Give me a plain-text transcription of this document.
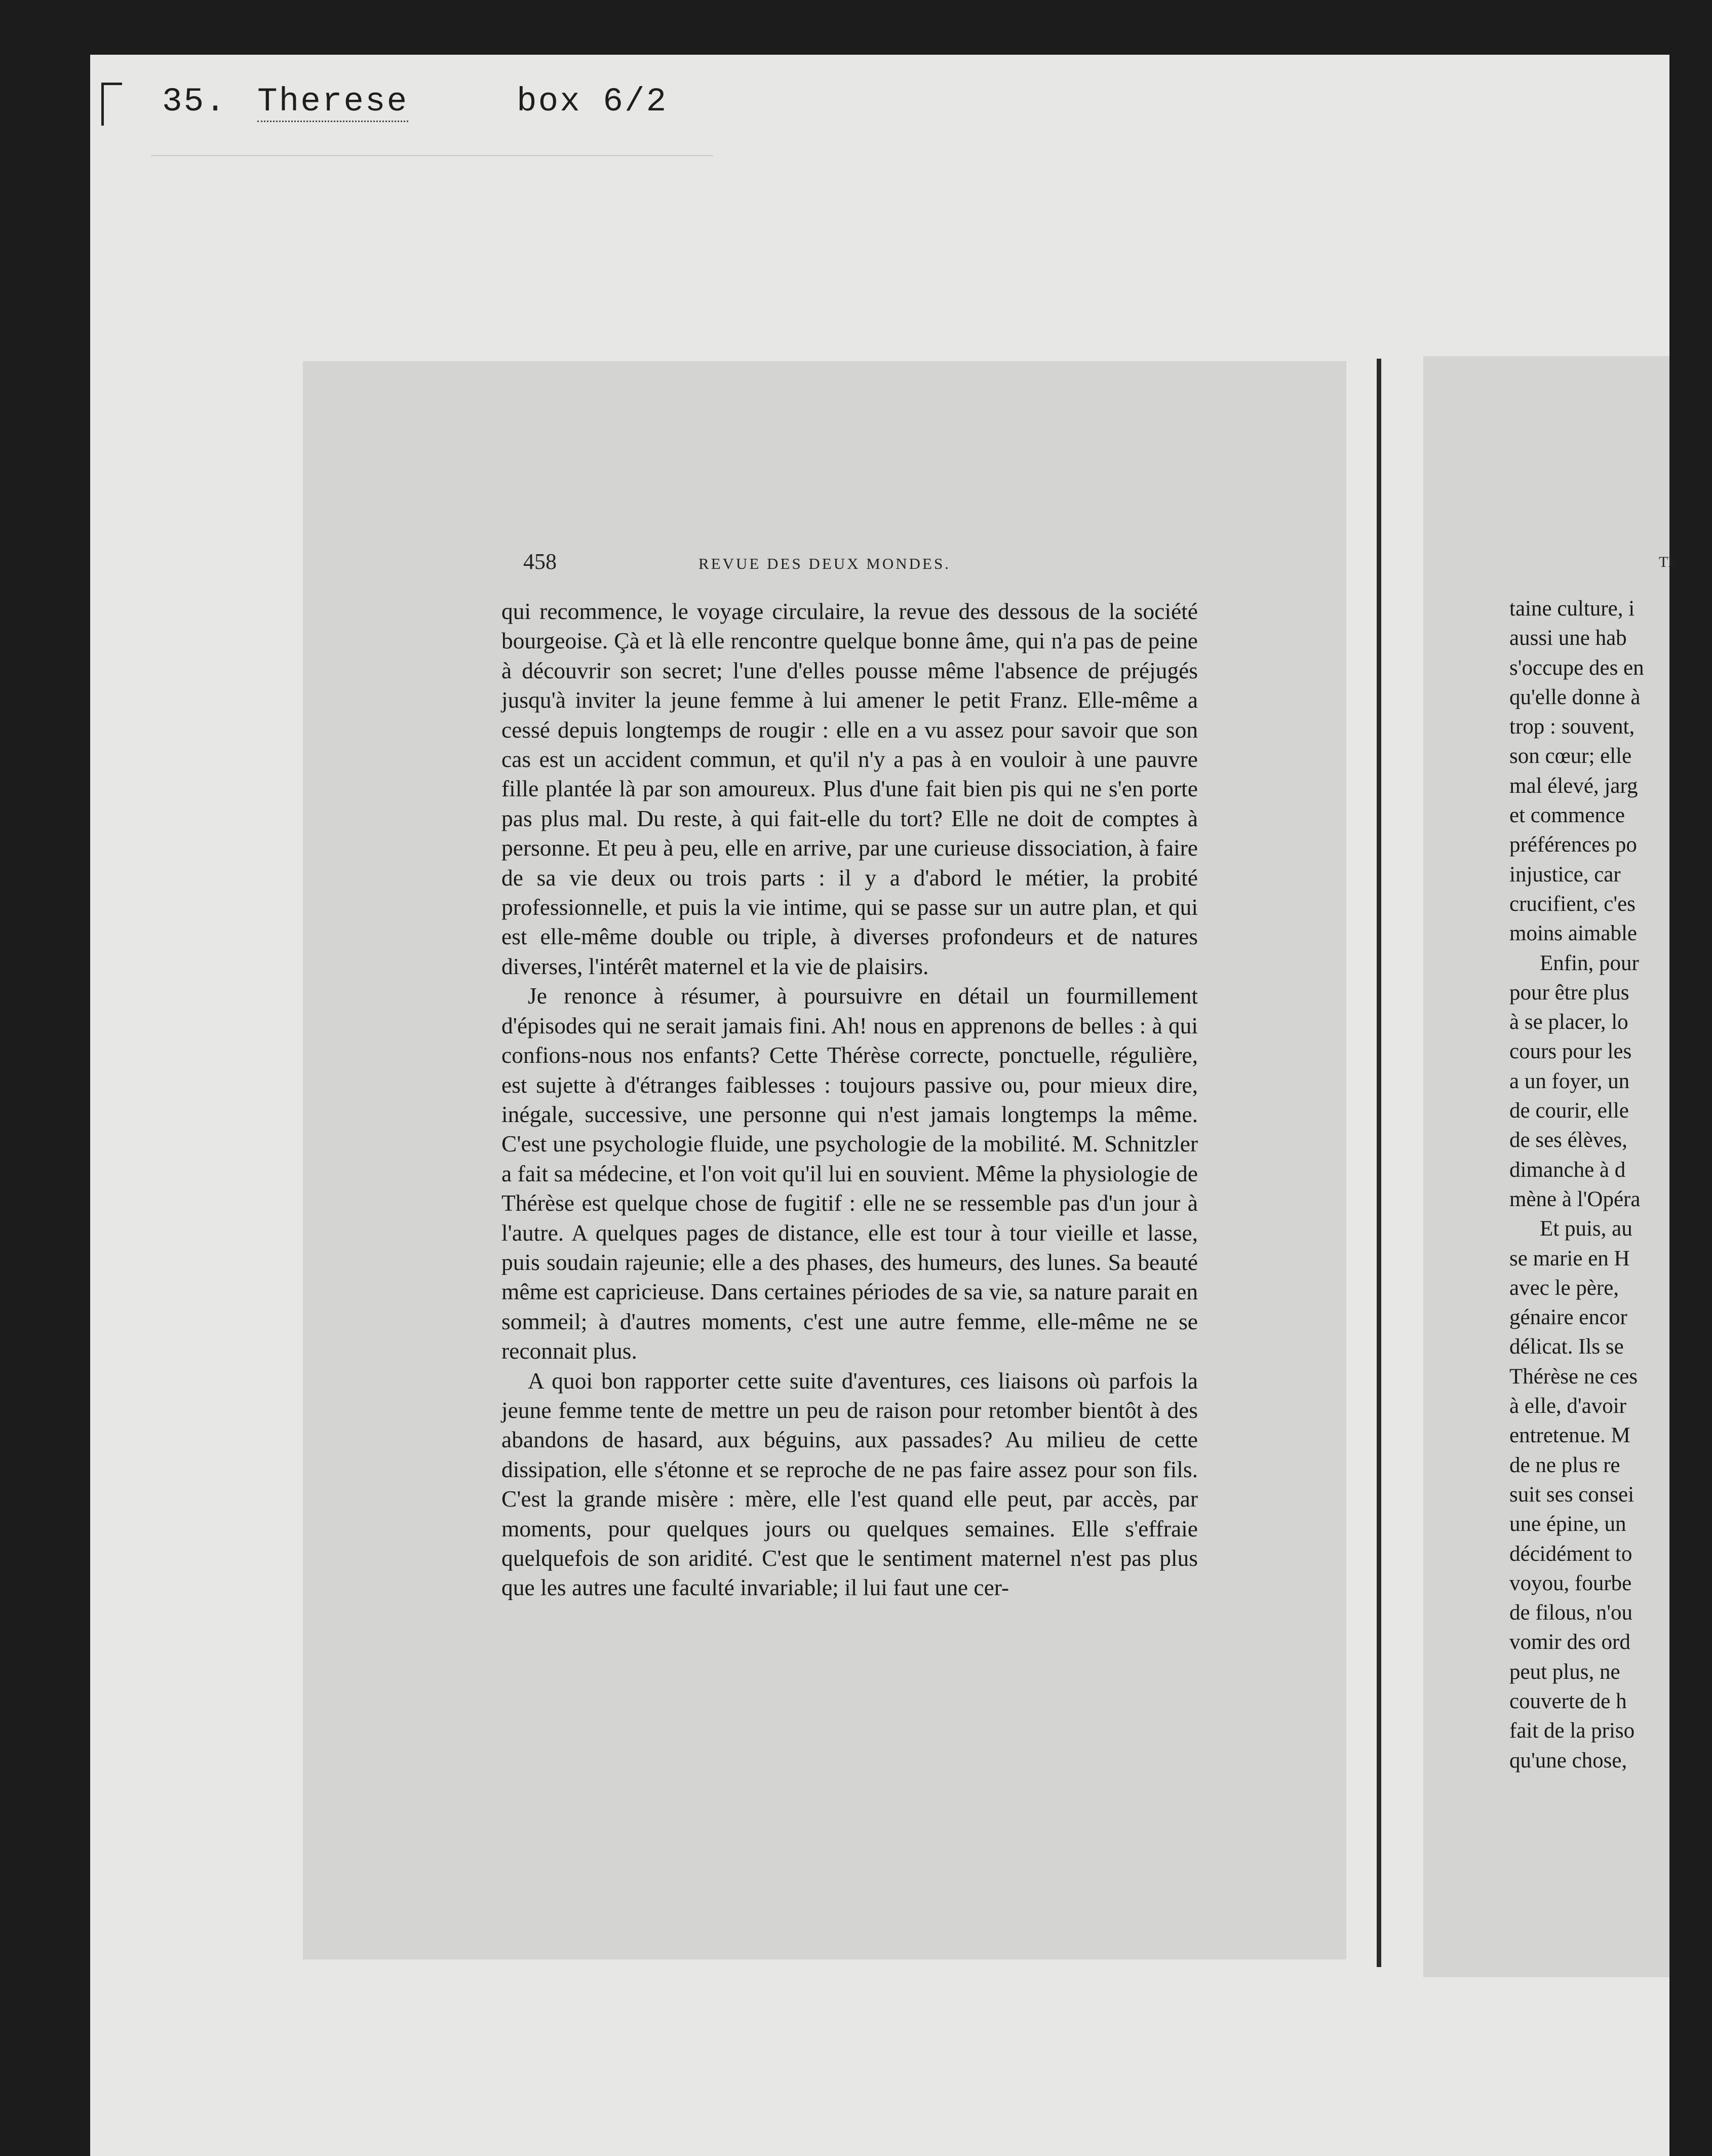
35. Therese	box 6/2
458	REVUE DES DEUX MONDES.

qui recommence, le voyage circulaire, la revue des dessous de la société bourgeoise. Çà et là elle rencontre quelque bonne âme, qui n'a pas de peine à découvrir son secret; l'une d'elles pousse même l'absence de préjugés jusqu'à inviter la jeune femme à lui amener le petit Franz. Elle-même a cessé depuis longtemps de rougir : elle en a vu assez pour savoir que son cas est un accident commun, et qu'il n'y a pas à en vouloir à une pauvre fille plantée là par son amoureux. Plus d'une fait bien pis qui ne s'en porte pas plus mal. Du reste, à qui fait-elle du tort? Elle ne doit de comptes à personne. Et peu à peu, elle en arrive, par une curieuse dissociation, à faire de sa vie deux ou trois parts : il y a d'abord le métier, la probité professionnelle, et puis la vie intime, qui se passe sur un autre plan, et qui est elle-même double ou triple, à diverses profondeurs et de natures diverses, l'intérêt maternel et la vie de plaisirs.

Je renonce à résumer, à poursuivre en détail un fourmillement d'épisodes qui ne serait jamais fini. Ah! nous en apprenons de belles : à qui confions-nous nos enfants? Cette Thérèse correcte, ponctuelle, régulière, est sujette à d'étranges faiblesses : toujours passive ou, pour mieux dire, inégale, successive, une personne qui n'est jamais longtemps la même. C'est une psychologie fluide, une psychologie de la mobilité. M. Schnitzler a fait sa médecine, et l'on voit qu'il lui en souvient. Même la physiologie de Thérèse est quelque chose de fugitif : elle ne se ressemble pas d'un jour à l'autre. A quelques pages de distance, elle est tour à tour vieille et lasse, puis soudain rajeunie; elle a des phases, des humeurs, des lunes. Sa beauté même est capricieuse. Dans certaines périodes de sa vie, sa nature parait en sommeil; à d'autres moments, c'est une autre femme, elle-même ne se reconnait plus.

A quoi bon rapporter cette suite d'aventures, ces liaisons où parfois la jeune femme tente de mettre un peu de raison pour retomber bientôt à des abandons de hasard, aux béguins, aux passades? Au milieu de cette dissipation, elle s'étonne et se reproche de ne pas faire assez pour son fils. C'est la grande misère : mère, elle l'est quand elle peut, par accès, par moments, pour quelques jours ou quelques semaines. Elle s'effraie quelquefois de son aridité. C'est que le sentiment maternel n'est pas plus que les autres une faculté invariable; il lui faut une cer-

TE
taine culture, i
aussi une hab
s'occupe des en
qu'elle donne à
trop : souvent,
son cœur; elle
mal élevé, jarg
et commence
préférences po
injustice, car
crucifient, c'es
moins aimable
Enfin, pour
pour être plus
à se placer, lo
cours pour les
a un foyer, un
de courir, elle
de ses élèves,
dimanche à d
mène à l'Opéra
Et puis, au
se marie en H
avec le père,
génaire encor
délicat. Ils se
Thérèse ne ces
à elle, d'avoir
entretenue. M
de ne plus re
suit ses consei
une épine, un
décidément to
voyou, fourbe
de filous, n'ou
vomir des ord
peut plus, ne
couverte de h
fait de la priso
qu'une chose,
